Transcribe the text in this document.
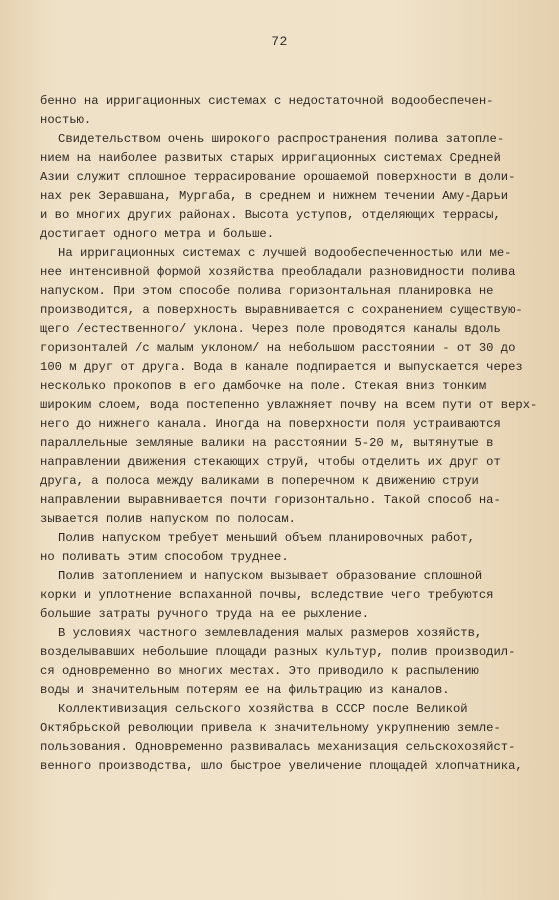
72
бенно на ирригационных системах с недостаточной водообеспечен-
ностью.
Свидетельством очень широкого распространения полива затопле-
нием на наиболее развитых старых ирригационных системах Средней
Азии служит сплошное террасирование орошаемой поверхности в доли-
нах рек Зеравшана, Мургаба, в среднем и нижнем течении Аму-Дарьи
и во многих других районах. Высота уступов, отделяющих террасы,
достигает одного метра и больше.
На ирригационных системах с лучшей водообеспеченностью или ме-
нее интенсивной формой хозяйства преобладали разновидности полива
напуском. При этом способе полива горизонтальная планировка не
производится, а поверхность выравнивается с сохранением существую-
щего /естественного/ уклона. Через поле проводятся каналы вдоль
горизонталей /с малым уклоном/ на небольшом расстоянии - от 30 до
100 м друг от друга. Вода в канале подпирается и выпускается через
несколько прокопов в его дамбочке на поле. Стекая вниз тонким
широким слоем, вода постепенно увлажняет почву на всем пути от верх-
него до нижнего канала. Иногда на поверхности поля устраиваются
параллельные земляные валики на расстоянии 5-20 м, вытянутые в
направлении движения стекающих струй, чтобы отделить их друг от
друга, а полоса между валиками в поперечном к движению струи
направлении выравнивается почти горизонтально. Такой способ на-
зывается полив напуском по полосам.
Полив напуском требует меньший объем планировочных работ,
но поливать этим способом труднее.
Полив затоплением и напуском вызывает образование сплошной
корки и уплотнение вспаханной почвы, вследствие чего требуются
большие затраты ручного труда на ее рыхление.
В условиях частного землевладения малых размеров хозяйств,
возделывавших небольшие площади разных культур, полив производил-
ся одновременно во многих местах. Это приводило к распылению
воды и значительным потерям ее на фильтрацию из каналов.
Коллективизация сельского хозяйства в СССР после Великой
Октябрьской революции привела к значительному укрупнению земле-
пользования. Одновременно развивалась механизация сельскохозяйст-
венного производства, шло быстрое увеличение площадей хлопчатника,
